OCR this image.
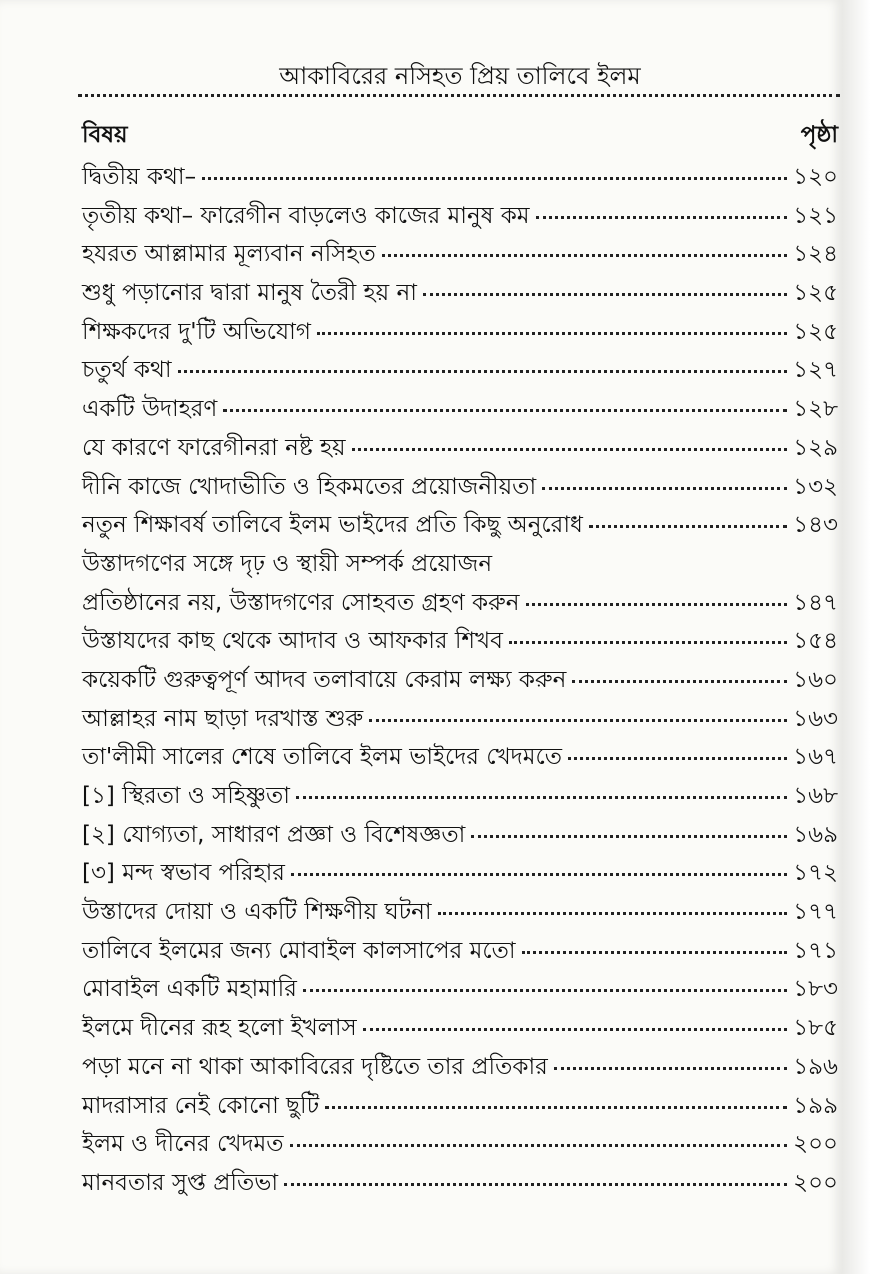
আকাবিরের নসিহত প্রিয় তালিবে ইলম
বিষয়	পৃষ্ঠা
দ্বিতীয় কথা–	১২০
তৃতীয় কথা– ফারেগীন বাড়লেও কাজের মানুষ কম	১২১
হযরত আল্লামার মূল্যবান নসিহত	১২৪
শুধু পড়ানোর দ্বারা মানুষ তৈরী হয় না	১২৫
শিক্ষকদের দু'টি অভিযোগ	১২৫
চতুর্থ কথা	১২৭
একটি উদাহরণ	১২৮
যে কারণে ফারেগীনরা নষ্ট হয়	১২৯
দীনি কাজে খোদাভীতি ও হিকমতের প্রয়োজনীয়তা	১৩২
নতুন শিক্ষাবর্ষ তালিবে ইলম ভাইদের প্রতি কিছু অনুরোধ	১৪৩
উস্তাদগণের সঙ্গে দৃঢ় ও স্থায়ী সম্পর্ক প্রয়োজন
প্রতিষ্ঠানের নয়, উস্তাদগণের সোহবত গ্রহণ করুন	১৪৭
উস্তাযদের কাছ থেকে আদাব ও আফকার শিখব	১৫৪
কয়েকটি গুরুত্বপূর্ণ আদব তলাবায়ে কেরাম লক্ষ্য করুন	১৬০
আল্লাহর নাম ছাড়া দরখাস্ত শুরু	১৬৩
তা'লীমী সালের শেষে তালিবে ইলম ভাইদের খেদমতে	১৬৭
[১] স্থিরতা ও সহিষ্ণুতা	১৬৮
[২] যোগ্যতা, সাধারণ প্রজ্ঞা ও বিশেষজ্ঞতা	১৬৯
[৩] মন্দ স্বভাব পরিহার	১৭২
উস্তাদের দোয়া ও একটি শিক্ষণীয় ঘটনা	১৭৭
তালিবে ইলমের জন্য মোবাইল কালসাপের মতো	১৭১
মোবাইল একটি মহামারি	১৮৩
ইলমে দীনের রূহ হলো ইখলাস	১৮৫
পড়া মনে না থাকা আকাবিরের দৃষ্টিতে তার প্রতিকার	১৯৬
মাদরাসার নেই কোনো ছুটি	১৯৯
ইলম ও দীনের খেদমত	২০০
মানবতার সুপ্ত প্রতিভা	২০০
